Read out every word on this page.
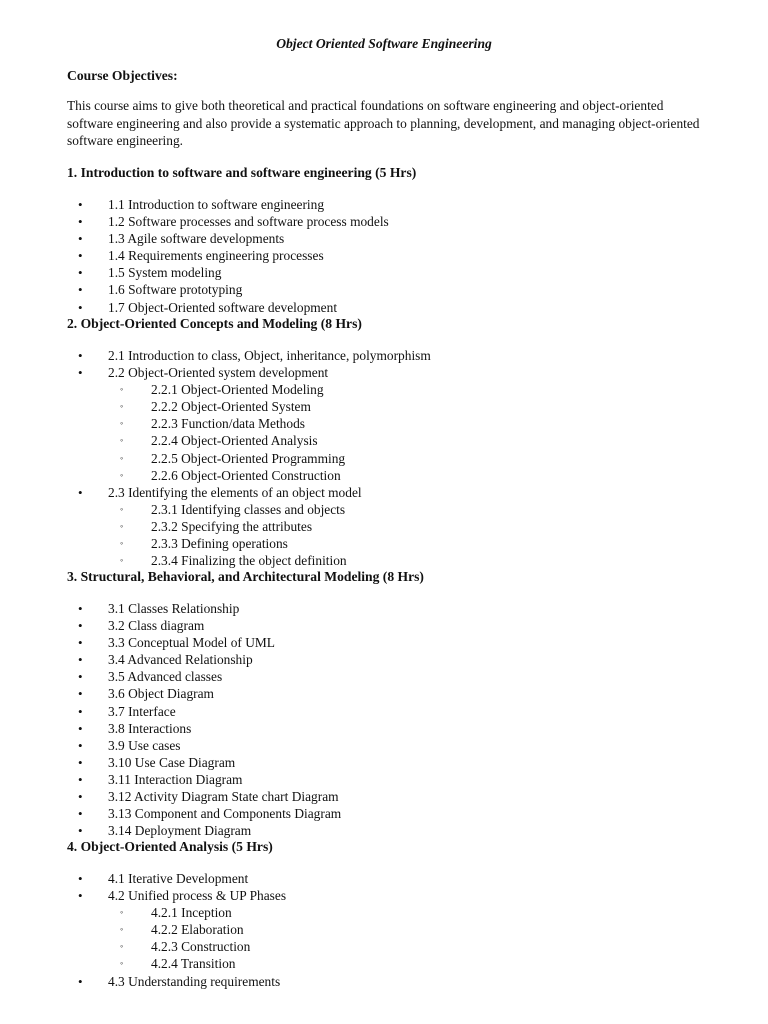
Object Oriented Software Engineering
Course Objectives:
This course aims to give both theoretical and practical foundations on software engineering and object-oriented software engineering and also provide a systematic approach to planning, development, and managing object-oriented software engineering.
1. Introduction to software and software engineering (5 Hrs)
• 1.1 Introduction to software engineering
• 1.2 Software processes and software process models
• 1.3 Agile software developments
• 1.4 Requirements engineering processes
• 1.5 System modeling
• 1.6 Software prototyping
• 1.7 Object-Oriented software development
2. Object-Oriented Concepts and Modeling (8 Hrs)
• 2.1 Introduction to class, Object, inheritance, polymorphism
• 2.2 Object-Oriented system development
◦ 2.2.1 Object-Oriented Modeling
◦ 2.2.2 Object-Oriented System
◦ 2.2.3 Function/data Methods
◦ 2.2.4 Object-Oriented Analysis
◦ 2.2.5 Object-Oriented Programming
◦ 2.2.6 Object-Oriented Construction
• 2.3 Identifying the elements of an object model
◦ 2.3.1 Identifying classes and objects
◦ 2.3.2 Specifying the attributes
◦ 2.3.3 Defining operations
◦ 2.3.4 Finalizing the object definition
3. Structural, Behavioral, and Architectural Modeling (8 Hrs)
• 3.1 Classes Relationship
• 3.2 Class diagram
• 3.3 Conceptual Model of UML
• 3.4 Advanced Relationship
• 3.5 Advanced classes
• 3.6 Object Diagram
• 3.7 Interface
• 3.8 Interactions
• 3.9 Use cases
• 3.10 Use Case Diagram
• 3.11 Interaction Diagram
• 3.12 Activity Diagram State chart Diagram
• 3.13 Component and Components Diagram
• 3.14 Deployment Diagram
4. Object-Oriented Analysis (5 Hrs)
• 4.1 Iterative Development
• 4.2 Unified process & UP Phases
◦ 4.2.1 Inception
◦ 4.2.2 Elaboration
◦ 4.2.3 Construction
◦ 4.2.4 Transition
• 4.3 Understanding requirements
